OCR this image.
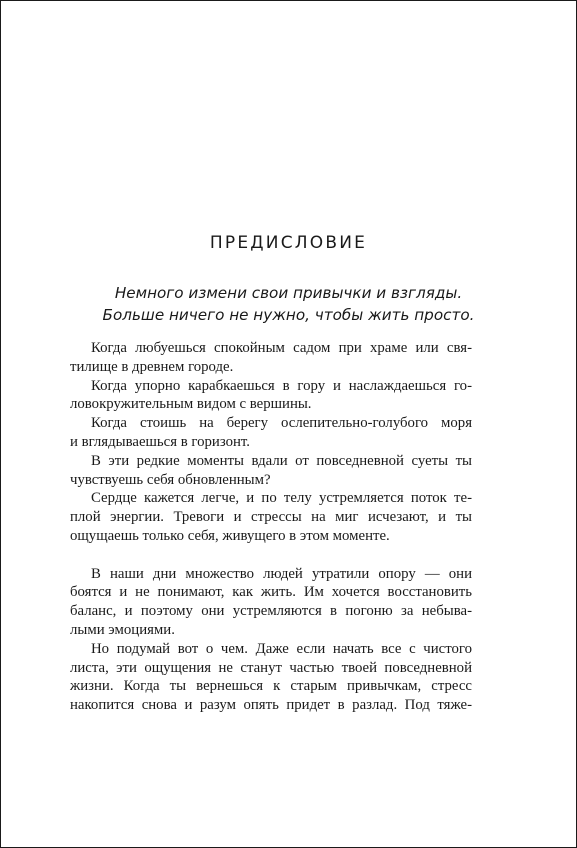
ПРЕДИСЛОВИЕ
Немного измени свои привычки и взгляды.
Больше ничего не нужно, чтобы жить просто.
Когда любуешься спокойным садом при храме или свя-
тилище в древнем городе.
Когда упорно карабкаешься в гору и наслаждаешься го-
ловокружительным видом с вершины.
Когда стоишь на берегу ослепительно-голубого моря
и вглядываешься в горизонт.
В эти редкие моменты вдали от повседневной суеты ты
чувствуешь себя обновленным?
Сердце кажется легче, и по телу устремляется поток те-
плой энергии. Тревоги и стрессы на миг исчезают, и ты
ощущаешь только себя, живущего в этом моменте.
В наши дни множество людей утратили опору — они
боятся и не понимают, как жить. Им хочется восстановить
баланс, и поэтому они устремляются в погоню за небыва-
лыми эмоциями.
Но подумай вот о чем. Даже если начать все с чистого
листа, эти ощущения не станут частью твоей повседневной
жизни. Когда ты вернешься к старым привычкам, стресс
накопится снова и разум опять придет в разлад. Под тяже-
